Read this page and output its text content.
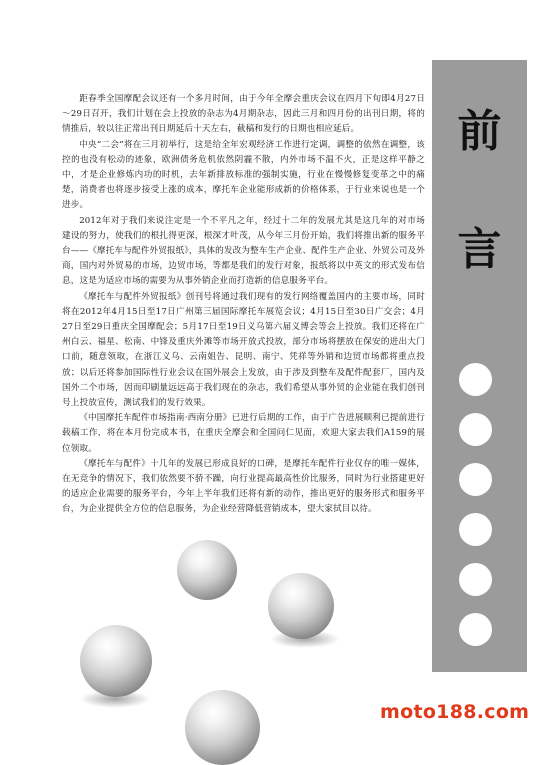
前
言

距春季全国摩配会议还有一个多月时间，由于今年全摩会重庆会议在四月下旬即4月27日～29日召开，我们计划在会上投放的杂志为4月期杂志，因此三月和四月份的出刊日期，将的情推后，较以往正常出刊日期延后十天左右，截稿和发行的日期也相应延后。

中央“二会”将在三月初举行，这是给全年宏观经济工作进行定调，调整的依然在调整，该控的也没有松动的迹象，欧洲债务危机依然阴霾不散，内外市场不温不火，正是这样平静之中，才是企业修炼内功的时机，去年新排放标准的强制实施，行业在慢慢修复变革之中的痛楚，消费者也将逐步接受上涨的成本，摩托车企业能形成新的价格体系，于行业来说也是一个进步。

2012年对于我们来说注定是一个不平凡之年，经过十二年的发展尤其是这几年的对市场建设的努力，使我们的根扎得更深，根深才叶茂，从今年三月份开始，我们将推出新的服务平台——《摩托车与配件外贸报纸》，具体的发改为整车生产企业、配件生产企业、外贸公司及外商，国内对外贸易的市场，边贸市场，等都是我们的发行对象，报纸将以中英文的形式发布信息，这是为适应市场的需要为从事外销企业而打造新的信息服务平台。

《摩托车与配件外贸报纸》创刊号将通过我们现有的发行网络覆盖国内的主要市场，同时将在2012年4月15日至17日广州第三届国际摩托车展览会议；4月15日至30日广交会；4月27日至29日重庆全国摩配会；5月17日至19日义乌第六届义博会等会上投放。我们还将在广州白云、福星、松南、中锋及重庆外滩等市场开放式投放，部分市场将摆放在保安的进出大门口前，随意领取，在浙江义乌、云南姐告、昆明、南宁、凭祥等外销和边贸市场都将重点投放；以后还将参加国际性行业会议在国外展会上发放，由于涉及到整车及配件配套厂，国内及国外二个市场，因而印刷量远远高于我们现在的杂志，我们希望从事外贸的企业能在我们创刊号上投放宣传，测试我们的发行效果。

《中国摩托车配件市场指南·西南分册》已进行后期的工作，由于广告进展顺利已提前进行载稿工作，将在本月份完成本书，在重庆全摩会和全国问仁见面，欢迎大家去我们A159的展位领取。

《摩托车与配件》十几年的发展已形成良好的口碑，是摩托车配件行业仅存的唯一媒体，在无竞争的情况下，我们依然要不骄不躁，向行业提高最高性价比服务，同时为行业搭建更好的适应企业需要的服务平台，今年上半年我们还将有新的动作，推出更好的服务形式和服务平台，为企业提供全方位的信息服务，为企业经营降低营销成本，望大家拭目以待。

moto188.com
